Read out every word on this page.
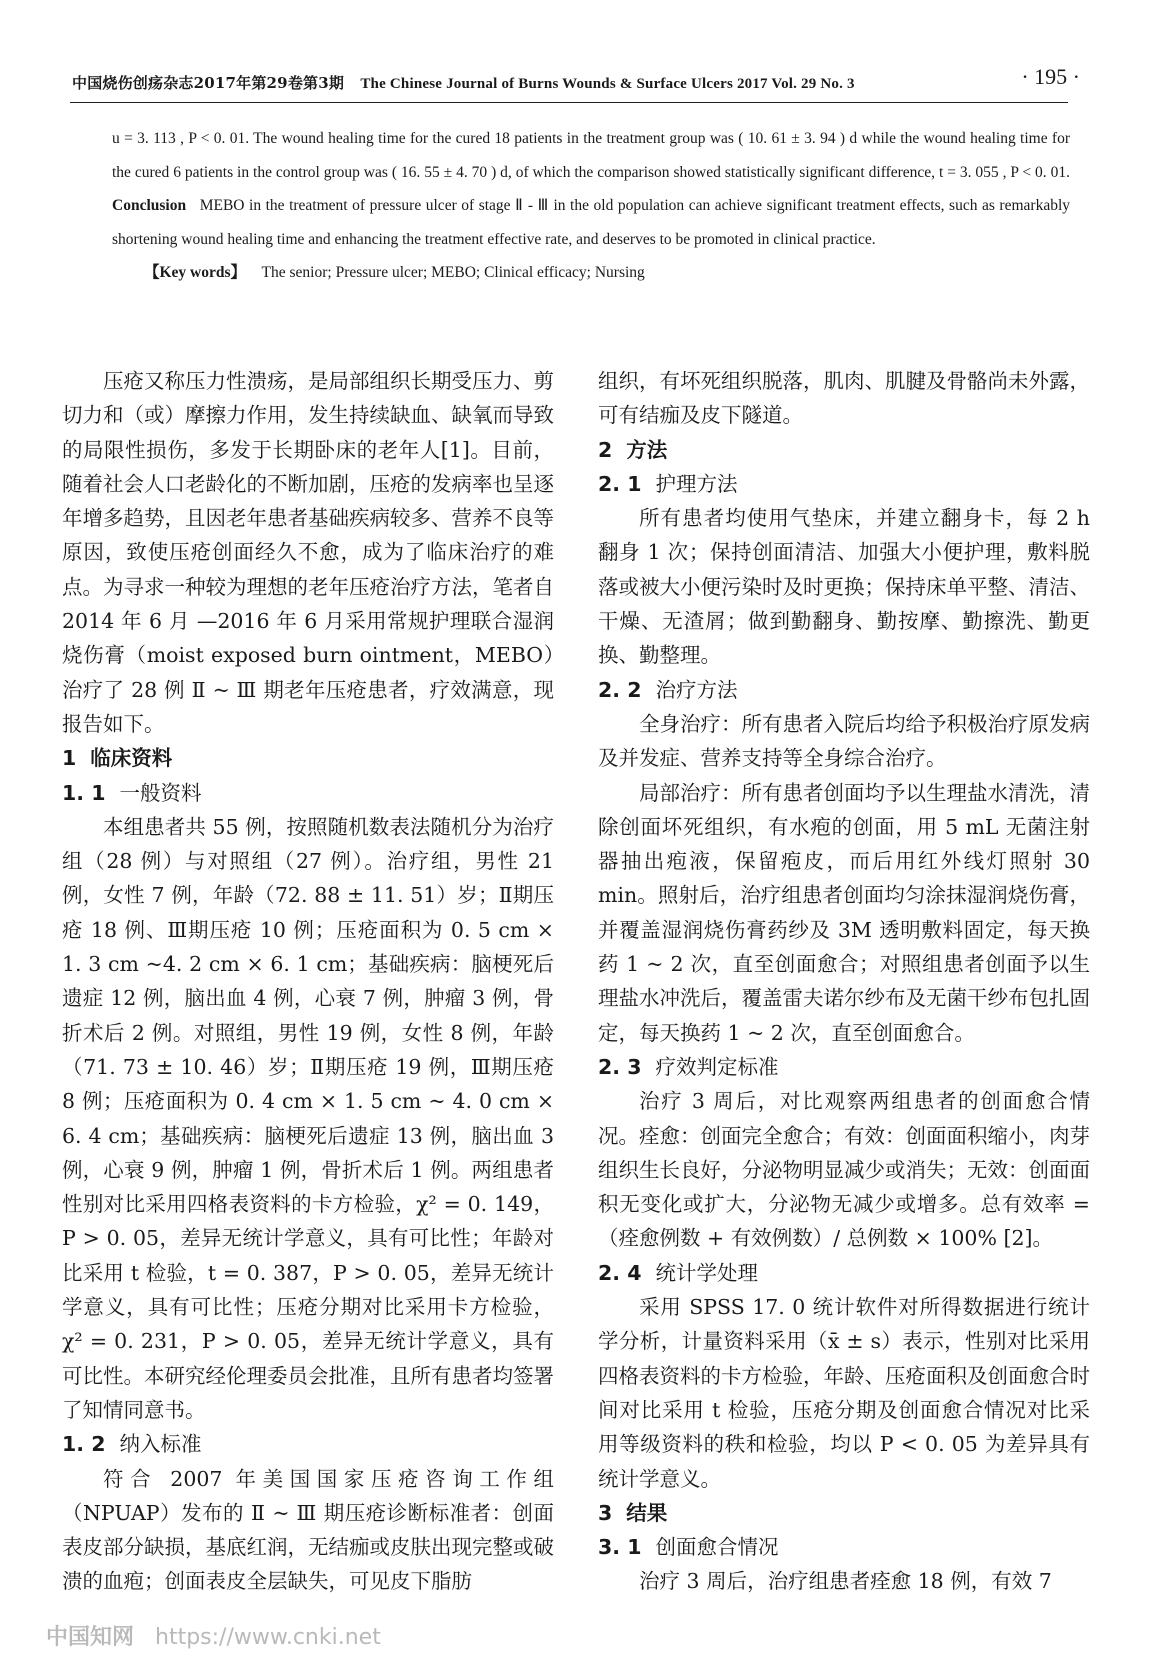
中国烧伤创疡杂志2017年第29卷第3期 The Chinese Journal of Burns Wounds & Surface Ulcers 2017 Vol. 29 No. 3	· 195 ·

u = 3. 113 , P < 0. 01. The wound healing time for the cured 18 patients in the treatment group was ( 10. 61 ± 3. 94 ) d while the wound healing time for the cured 6 patients in the control group was ( 16. 55 ± 4. 70 ) d, of which the comparison showed statistically significant difference, t = 3. 055 , P < 0. 01. Conclusion MEBO in the treatment of pressure ulcer of stage Ⅱ - Ⅲ in the old population can achieve significant treatment effects, such as remarkably shortening wound healing time and enhancing the treatment effective rate, and deserves to be promoted in clinical practice.

【Key words】 The senior; Pressure ulcer; MEBO; Clinical efficacy; Nursing

压疮又称压力性溃疡，是局部组织长期受压力、剪切力和（或）摩擦力作用，发生持续缺血、缺氧而导致的局限性损伤，多发于长期卧床的老年人[1]。目前，随着社会人口老龄化的不断加剧，压疮的发病率也呈逐年增多趋势，且因老年患者基础疾病较多、营养不良等原因，致使压疮创面经久不愈，成为了临床治疗的难点。为寻求一种较为理想的老年压疮治疗方法，笔者自 2014 年 6 月 —2016 年 6 月采用常规护理联合湿润烧伤膏（moist exposed burn ointment，MEBO）治疗了 28 例 Ⅱ ~ Ⅲ 期老年压疮患者，疗效满意，现报告如下。

1 临床资料
1. 1 一般资料

本组患者共 55 例，按照随机数表法随机分为治疗组（28 例）与对照组（27 例）。治疗组，男性 21 例，女性 7 例，年龄（72. 88 ± 11. 51）岁；Ⅱ期压疮 18 例、Ⅲ期压疮 10 例；压疮面积为 0. 5 cm × 1. 3 cm ~4. 2 cm × 6. 1 cm；基础疾病：脑梗死后遗症 12 例，脑出血 4 例，心衰 7 例，肿瘤 3 例，骨折术后 2 例。对照组，男性 19 例，女性 8 例，年龄（71. 73 ± 10. 46）岁；Ⅱ期压疮 19 例，Ⅲ期压疮 8 例；压疮面积为 0. 4 cm × 1. 5 cm ~ 4. 0 cm × 6. 4 cm；基础疾病：脑梗死后遗症 13 例，脑出血 3 例，心衰 9 例，肿瘤 1 例，骨折术后 1 例。两组患者性别对比采用四格表资料的卡方检验，χ² = 0. 149，P > 0. 05，差异无统计学意义，具有可比性；年龄对比采用 t 检验，t = 0. 387，P > 0. 05，差异无统计学意义，具有可比性；压疮分期对比采用卡方检验，χ² = 0. 231，P > 0. 05，差异无统计学意义，具有可比性。本研究经伦理委员会批准，且所有患者均签署了知情同意书。

1. 2 纳入标准

符合 2007 年美国国家压疮咨询工作组（NPUAP）发布的 Ⅱ ~ Ⅲ 期压疮诊断标准者：创面表皮部分缺损，基底红润，无结痂或皮肤出现完整或破溃的血疱；创面表皮全层缺失，可见皮下脂肪

组织，有坏死组织脱落，肌肉、肌腱及骨骼尚未外露，可有结痂及皮下隧道。

2 方法
2. 1 护理方法

所有患者均使用气垫床，并建立翻身卡，每 2 h 翻身 1 次；保持创面清洁、加强大小便护理，敷料脱落或被大小便污染时及时更换；保持床单平整、清洁、干燥、无渣屑；做到勤翻身、勤按摩、勤擦洗、勤更换、勤整理。

2. 2 治疗方法

全身治疗：所有患者入院后均给予积极治疗原发病及并发症、营养支持等全身综合治疗。

局部治疗：所有患者创面均予以生理盐水清洗，清除创面坏死组织，有水疱的创面，用 5 mL 无菌注射器抽出疱液，保留疱皮，而后用红外线灯照射 30 min。照射后，治疗组患者创面均匀涂抹湿润烧伤膏，并覆盖湿润烧伤膏药纱及 3M 透明敷料固定，每天换药 1 ~ 2 次，直至创面愈合；对照组患者创面予以生理盐水冲洗后，覆盖雷夫诺尔纱布及无菌干纱布包扎固定，每天换药 1 ~ 2 次，直至创面愈合。

2. 3 疗效判定标准

治疗 3 周后，对比观察两组患者的创面愈合情况。痊愈：创面完全愈合；有效：创面面积缩小，肉芽组织生长良好，分泌物明显减少或消失；无效：创面面积无变化或扩大，分泌物无减少或增多。总有效率 = （痊愈例数 + 有效例数）/ 总例数 × 100% [2]。

2. 4 统计学处理

采用 SPSS 17. 0 统计软件对所得数据进行统计学分析，计量资料采用（x̄ ± s）表示，性别对比采用四格表资料的卡方检验，年龄、压疮面积及创面愈合时间对比采用 t 检验，压疮分期及创面愈合情况对比采用等级资料的秩和检验，均以 P < 0. 05 为差异具有统计学意义。

3 结果
3. 1 创面愈合情况

治疗 3 周后，治疗组患者痊愈 18 例，有效 7

中国知网 https://www.cnki.net
